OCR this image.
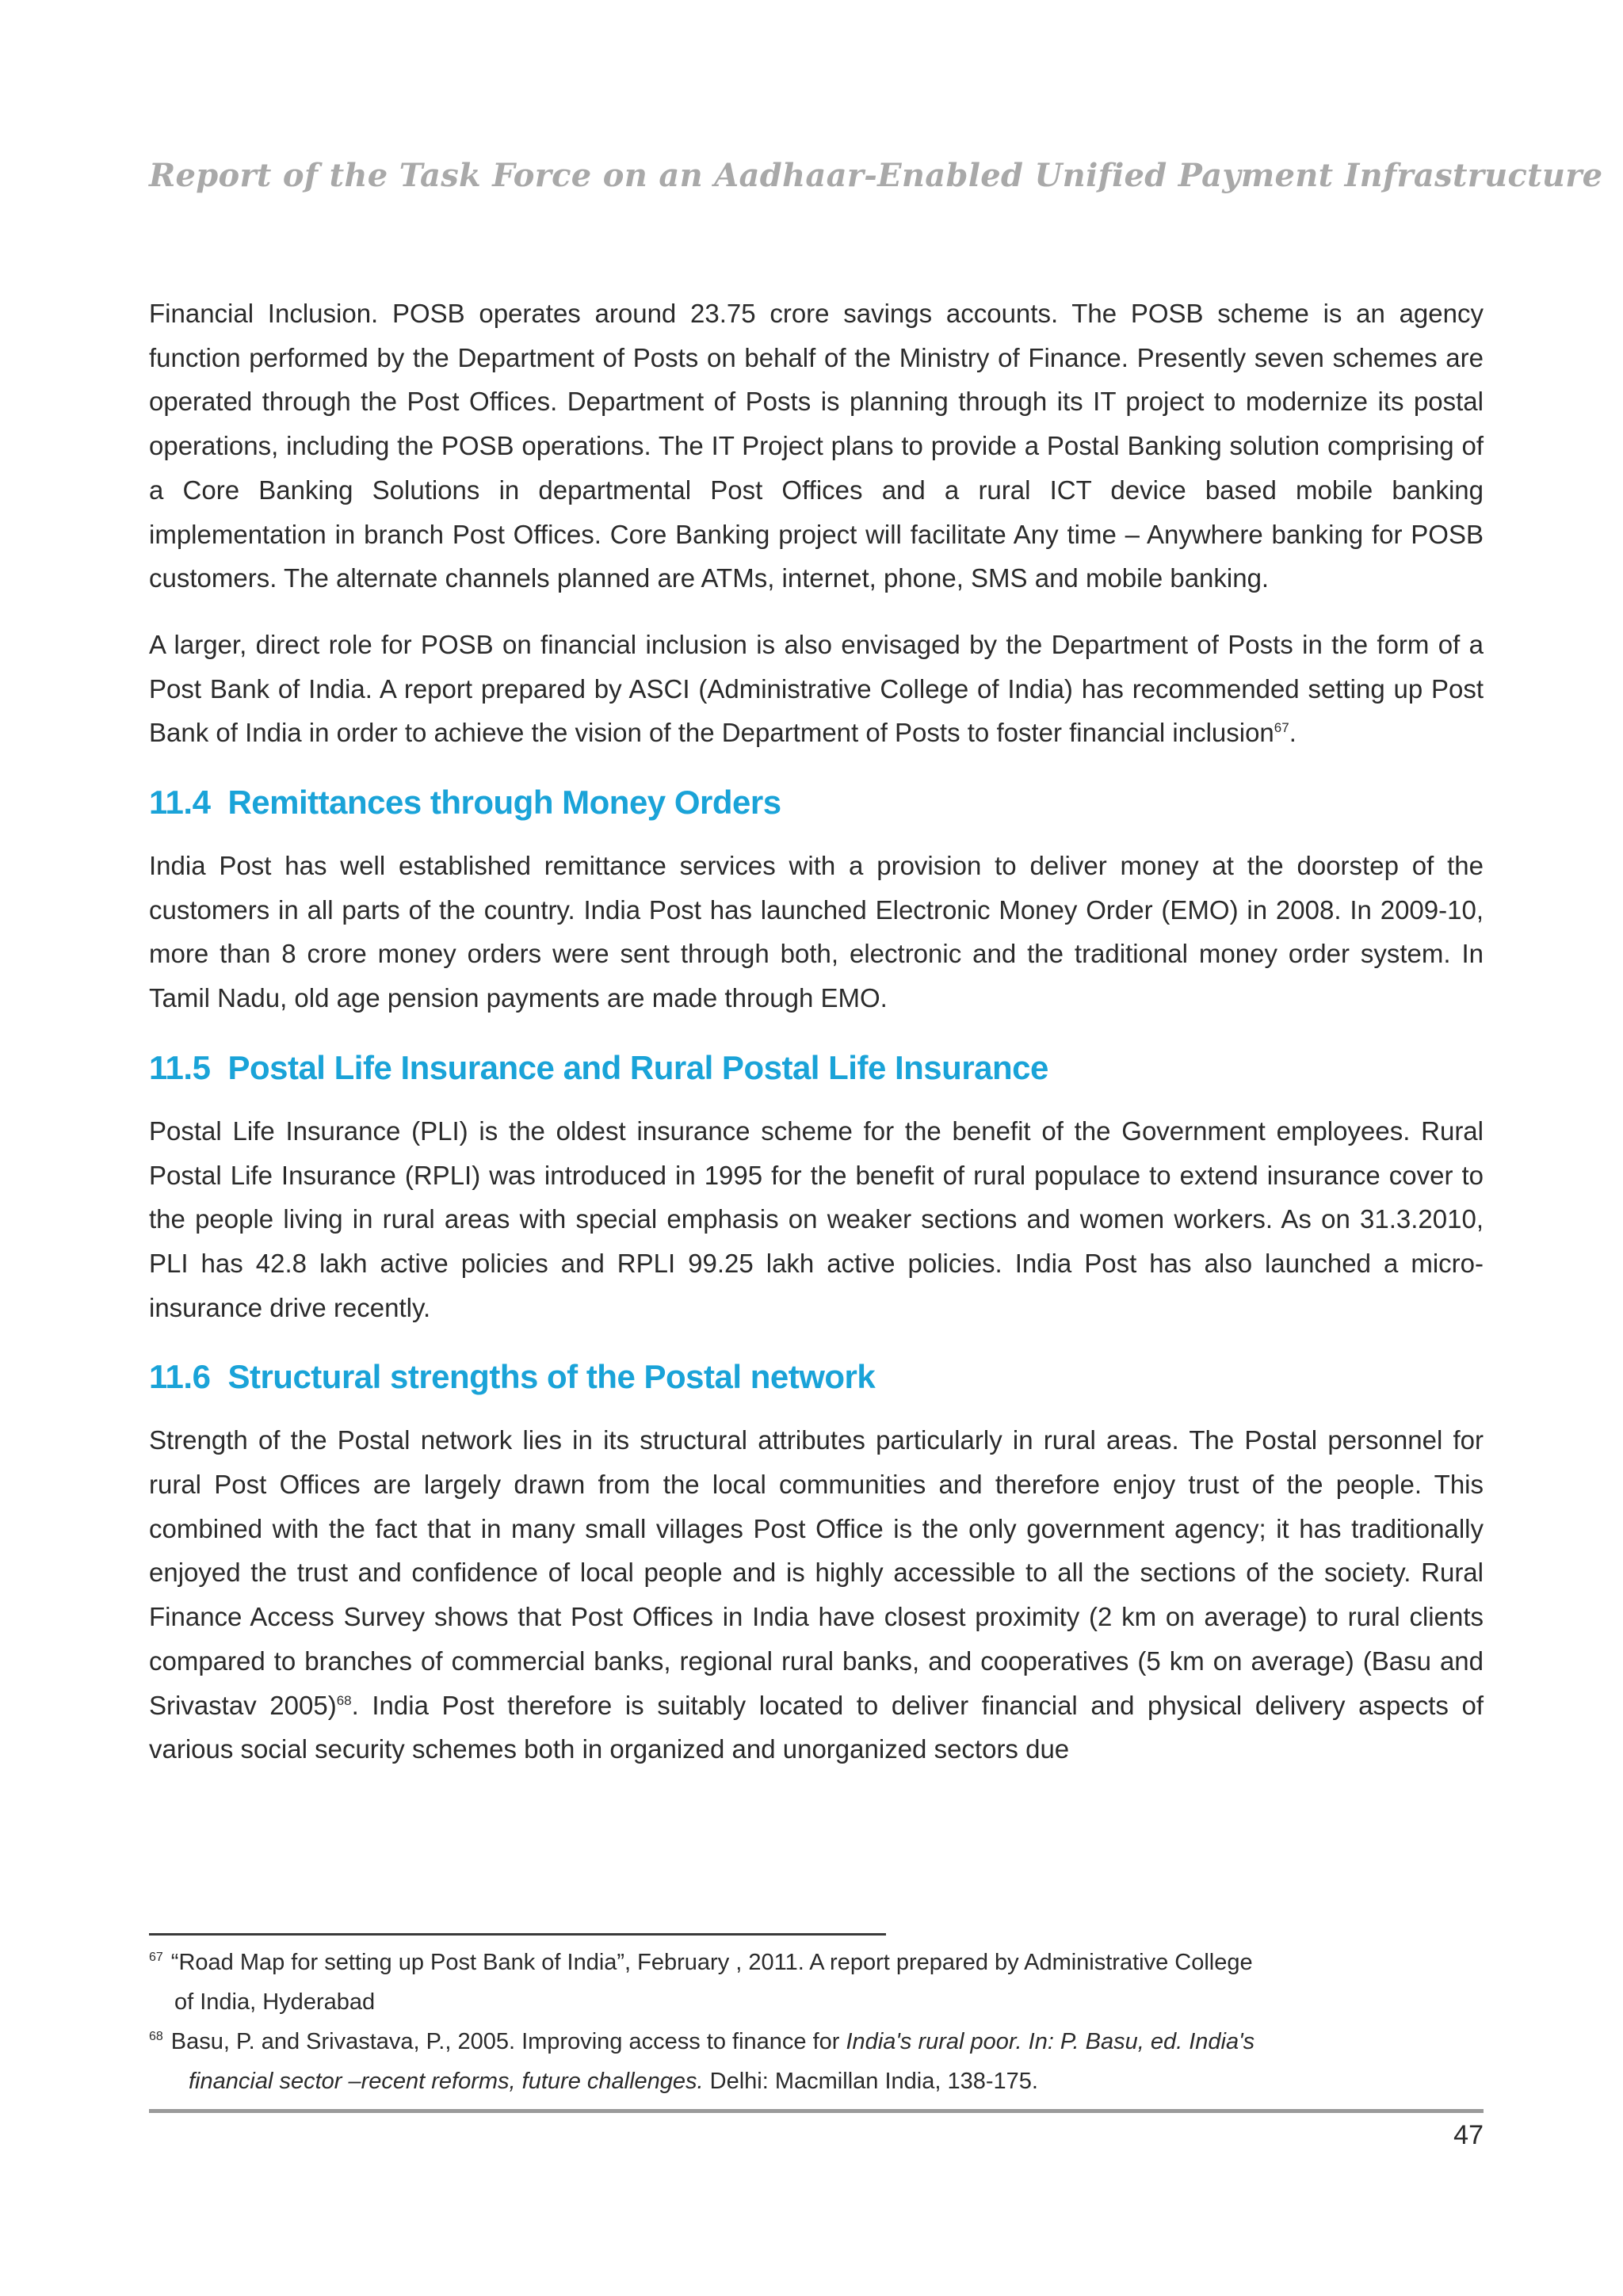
Report of the Task Force on an Aadhaar-Enabled Unified Payment Infrastructure

Financial Inclusion. POSB operates around 23.75 crore savings accounts. The POSB scheme is an agency function performed by the Department of Posts on behalf of the Ministry of Finance. Presently seven schemes are operated through the Post Offices. Department of Posts is planning through its IT project to modernize its postal operations, including the POSB operations. The IT Project plans to provide a Postal Banking solution comprising of a Core Banking Solutions in departmental Post Offices and a rural ICT device based mobile banking implementation in branch Post Offices. Core Banking project will facilitate Any time – Anywhere banking for POSB customers. The alternate channels planned are ATMs, internet, phone, SMS and mobile banking.

A larger, direct role for POSB on financial inclusion is also envisaged by the Department of Posts in the form of a Post Bank of India. A report prepared by ASCI (Administrative College of India) has recommended setting up Post Bank of India in order to achieve the vision of the Department of Posts to foster financial inclusion$^{67}$.

11.4 Remittances through Money Orders

India Post has well established remittance services with a provision to deliver money at the doorstep of the customers in all parts of the country. India Post has launched Electronic Money Order (EMO) in 2008. In 2009-10, more than 8 crore money orders were sent through both, electronic and the traditional money order system. In Tamil Nadu, old age pension payments are made through EMO.

11.5 Postal Life Insurance and Rural Postal Life Insurance

Postal Life Insurance (PLI) is the oldest insurance scheme for the benefit of the Government employees. Rural Postal Life Insurance (RPLI) was introduced in 1995 for the benefit of rural populace to extend insurance cover to the people living in rural areas with special emphasis on weaker sections and women workers. As on 31.3.2010, PLI has 42.8 lakh active policies and RPLI 99.25 lakh active policies. India Post has also launched a micro-insurance drive recently.

11.6 Structural strengths of the Postal network

Strength of the Postal network lies in its structural attributes particularly in rural areas. The Postal personnel for rural Post Offices are largely drawn from the local communities and therefore enjoy trust of the people. This combined with the fact that in many small villages Post Office is the only government agency; it has traditionally enjoyed the trust and confidence of local people and is highly accessible to all the sections of the society. Rural Finance Access Survey shows that Post Offices in India have closest proximity (2 km on average) to rural clients compared to branches of commercial banks, regional rural banks, and cooperatives (5 km on average) (Basu and Srivastav 2005)$^{68}$. India Post therefore is suitably located to deliver financial and physical delivery aspects of various social security schemes both in organized and unorganized sectors due

$^{67}$ “Road Map for setting up Post Bank of India”, February , 2011. A report prepared by Administrative College
of India, Hyderabad
$^{68}$ Basu, P. and Srivastava, P., 2005. Improving access to finance for India's rural poor. In: P. Basu, ed. India's
financial sector –recent reforms, future challenges. Delhi: Macmillan India, 138-175.
47
